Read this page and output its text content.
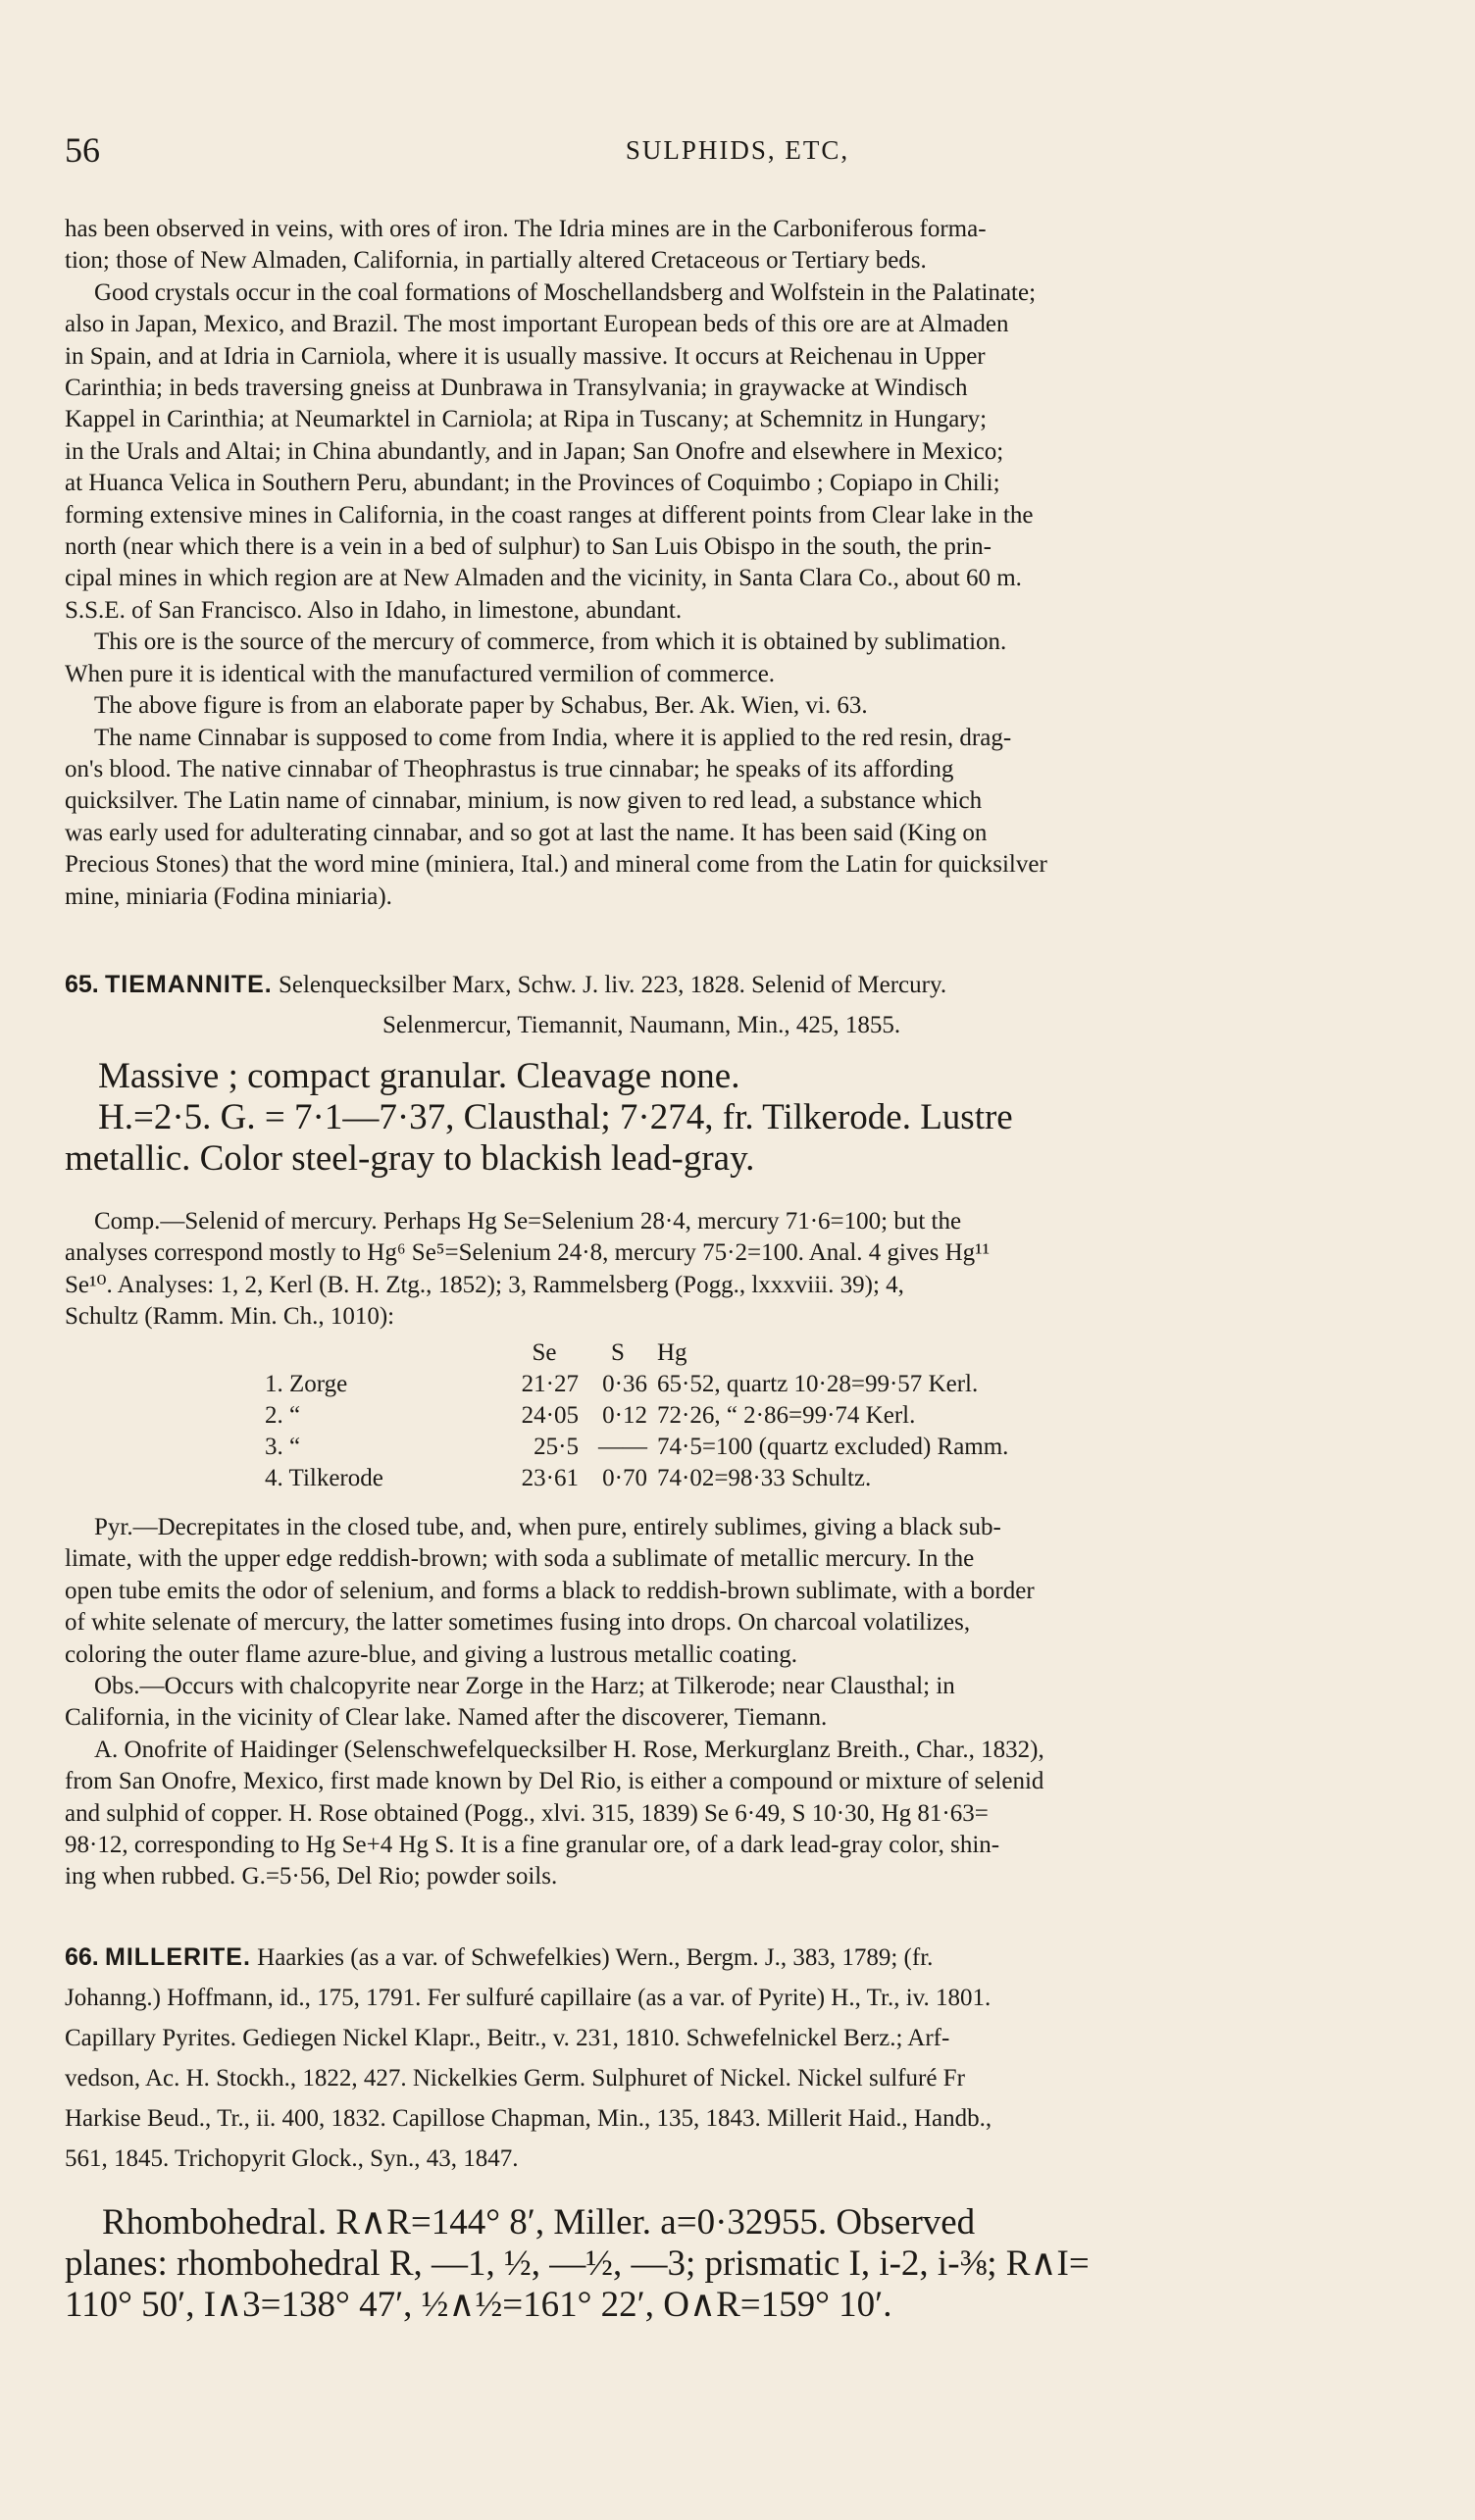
56	SULPHIDS, ETC,

has been observed in veins, with ores of iron. The Idria mines are in the Carboniferous forma-

tion; those of New Almaden, California, in partially altered Cretaceous or Tertiary beds.

Good crystals occur in the coal formations of Moschellandsberg and Wolfstein in the Palatinate;

also in Japan, Mexico, and Brazil. The most important European beds of this ore are at Almaden

in Spain, and at Idria in Carniola, where it is usually massive. It occurs at Reichenau in Upper

Carinthia; in beds traversing gneiss at Dunbrawa in Transylvania; in graywacke at Windisch

Kappel in Carinthia; at Neumarktel in Carniola; at Ripa in Tuscany; at Schemnitz in Hungary;

in the Urals and Altai; in China abundantly, and in Japan; San Onofre and elsewhere in Mexico;

at Huanca Velica in Southern Peru, abundant; in the Provinces of Coquimbo ; Copiapo in Chili;

forming extensive mines in California, in the coast ranges at different points from Clear lake in the

north (near which there is a vein in a bed of sulphur) to San Luis Obispo in the south, the prin-

cipal mines in which region are at New Almaden and the vicinity, in Santa Clara Co., about 60 m.

S.S.E. of San Francisco. Also in Idaho, in limestone, abundant.

This ore is the source of the mercury of commerce, from which it is obtained by sublimation.

When pure it is identical with the manufactured vermilion of commerce.

The above figure is from an elaborate paper by Schabus, Ber. Ak. Wien, vi. 63.

The name Cinnabar is supposed to come from India, where it is applied to the red resin, drag-

on's blood. The native cinnabar of Theophrastus is true cinnabar; he speaks of its affording

quicksilver. The Latin name of cinnabar, minium, is now given to red lead, a substance which

was early used for adulterating cinnabar, and so got at last the name. It has been said (King on

Precious Stones) that the word mine (miniera, Ital.) and mineral come from the Latin for quicksilver

mine, miniaria (Fodina miniaria).

65. TIEMANNITE. Selenquecksilber Marx, Schw. J. liv. 223, 1828. Selenid of Mercury.

Selenmercur, Tiemannit, Naumann, Min., 425, 1855.

Massive ; compact granular. Cleavage none.

H.=2·5. G. = 7·1—7·37, Clausthal; 7·274, fr. Tilkerode. Lustre

metallic. Color steel-gray to blackish lead-gray.

Comp.—Selenid of mercury. Perhaps Hg Se=Selenium 28·4, mercury 71·6=100; but the

analyses correspond mostly to Hg⁶ Se⁵=Selenium 24·8, mercury 75·2=100. Anal. 4 gives Hg¹¹

Se¹⁰. Analyses: 1, 2, Kerl (B. H. Ztg., 1852); 3, Rammelsberg (Pogg., lxxxviii. 39); 4,

Schultz (Ramm. Min. Ch., 1010):

	Se	S	Hg
1. Zorge	21·27	0·36	65·52, quartz 10·28=99·57 Kerl.
2. “	24·05	0·12	72·26, “ 2·86=99·74 Kerl.
3. “	25·5	——	74·5=100 (quartz excluded) Ramm.
4. Tilkerode	23·61	0·70	74·02=98·33 Schultz.

Pyr.—Decrepitates in the closed tube, and, when pure, entirely sublimes, giving a black sub-

limate, with the upper edge reddish-brown; with soda a sublimate of metallic mercury. In the

open tube emits the odor of selenium, and forms a black to reddish-brown sublimate, with a border

of white selenate of mercury, the latter sometimes fusing into drops. On charcoal volatilizes,

coloring the outer flame azure-blue, and giving a lustrous metallic coating.

Obs.—Occurs with chalcopyrite near Zorge in the Harz; at Tilkerode; near Clausthal; in

California, in the vicinity of Clear lake. Named after the discoverer, Tiemann.

A. Onofrite of Haidinger (Selenschwefelquecksilber H. Rose, Merkurglanz Breith., Char., 1832),

from San Onofre, Mexico, first made known by Del Rio, is either a compound or mixture of selenid

and sulphid of copper. H. Rose obtained (Pogg., xlvi. 315, 1839) Se 6·49, S 10·30, Hg 81·63=

98·12, corresponding to Hg Se+4 Hg S. It is a fine granular ore, of a dark lead-gray color, shin-

ing when rubbed. G.=5·56, Del Rio; powder soils.

66. MILLERITE. Haarkies (as a var. of Schwefelkies) Wern., Bergm. J., 383, 1789; (fr.

Johanng.) Hoffmann, id., 175, 1791. Fer sulfuré capillaire (as a var. of Pyrite) H., Tr., iv. 1801.

Capillary Pyrites. Gediegen Nickel Klapr., Beitr., v. 231, 1810. Schwefelnickel Berz.; Arf-

vedson, Ac. H. Stockh., 1822, 427. Nickelkies Germ. Sulphuret of Nickel. Nickel sulfuré Fr

Harkise Beud., Tr., ii. 400, 1832. Capillose Chapman, Min., 135, 1843. Millerit Haid., Handb.,

561, 1845. Trichopyrit Glock., Syn., 43, 1847.

Rhombohedral. R∧R=144° 8′, Miller. a=0·32955. Observed

planes: rhombohedral R, —1, ½, —½, —3; prismatic I, i-2, i-⅜; R∧I=

110° 50′, I∧3=138° 47′, ½∧½=161° 22′, O∧R=159° 10′.
